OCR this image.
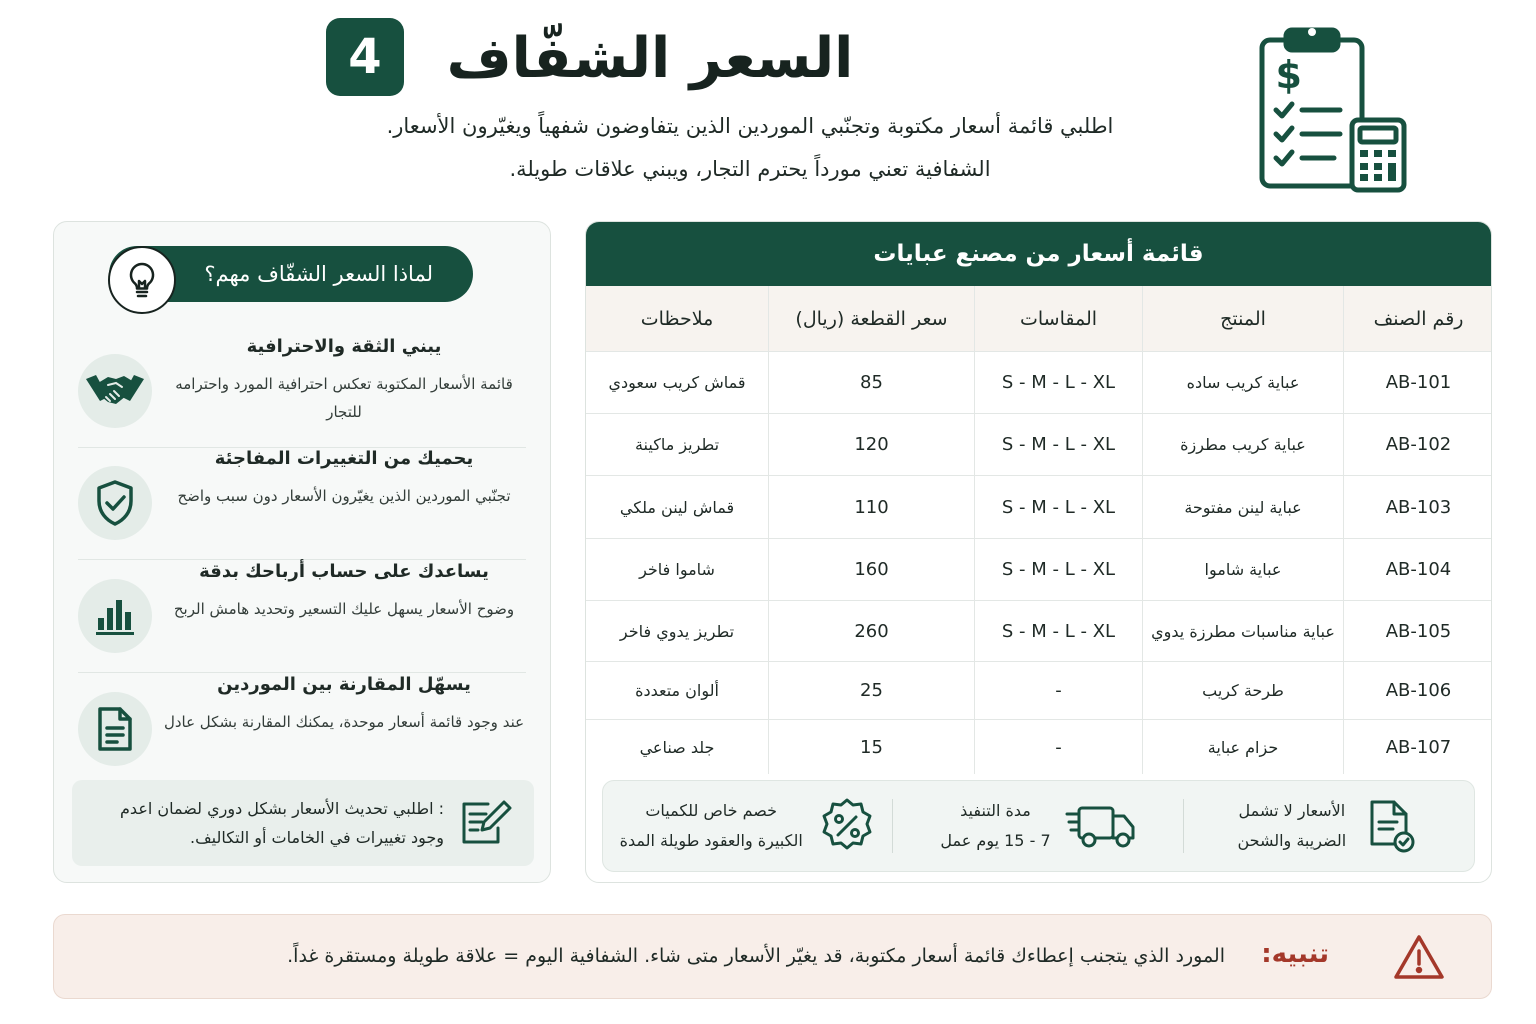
4	السعر الشفّاف
اطلبي قائمة أسعار مكتوبة وتجنّبي الموردين الذين يتفاوضون شفهياً ويغيّرون الأسعار.
الشفافية تعني مورداً يحترم التجار، ويبني علاقات طويلة.
$
قائمة أسعار من مصنع عبايات
رقم الصنف
المنتج
المقاسات
سعر القطعة (ريال)
ملاحظات
AB-101
عباية كريب ساده
S - M - L - XL
85
قماش كريب سعودي
AB-102
عباية كريب مطرزة
S - M - L - XL
120
تطريز ماكينة
AB-103
عباية لينن مفتوحة
S - M - L - XL
110
قماش لينن ملكي
AB-104
عباية شاموا
S - M - L - XL
160
شاموا فاخر
AB-105
عباية مناسبات مطرزة يدوي
S - M - L - XL
260
تطريز يدوي فاخر
AB-106
طرحة كريب
-
25
ألوان متعددة
AB-107
حزام عباية
-
15
جلد صناعي
الأسعار لا تشمل
الضريبة والشحن
مدة التنفيذ
7 - 15 يوم عمل
خصم خاص للكميات
الكبيرة والعقود طويلة المدة
لماذا السعر الشفّاف مهم؟
يبني الثقة والاحترافية
قائمة الأسعار المكتوبة تعكس احترافية المورد واحترامه للتجار
يحميك من التغييرات المفاجئة
تجنّبي الموردين الذين يغيّرون الأسعار دون سبب واضح
يساعدك على حساب أرباحك بدقة
وضوح الأسعار يسهل عليك التسعير وتحديد هامش الربح
يسهّل المقارنة بين الموردين
عند وجود قائمة أسعار موحدة، يمكنك المقارنة بشكل عادل
: اطلبي تحديث الأسعار بشكل دوري لضمان اعدم وجود تغييرات في الخامات أو التكاليف.
تنبيه:
المورد الذي يتجنب إعطاءك قائمة أسعار مكتوبة، قد يغيّر الأسعار متى شاء. الشفافية اليوم = علاقة طويلة ومستقرة غداً.
